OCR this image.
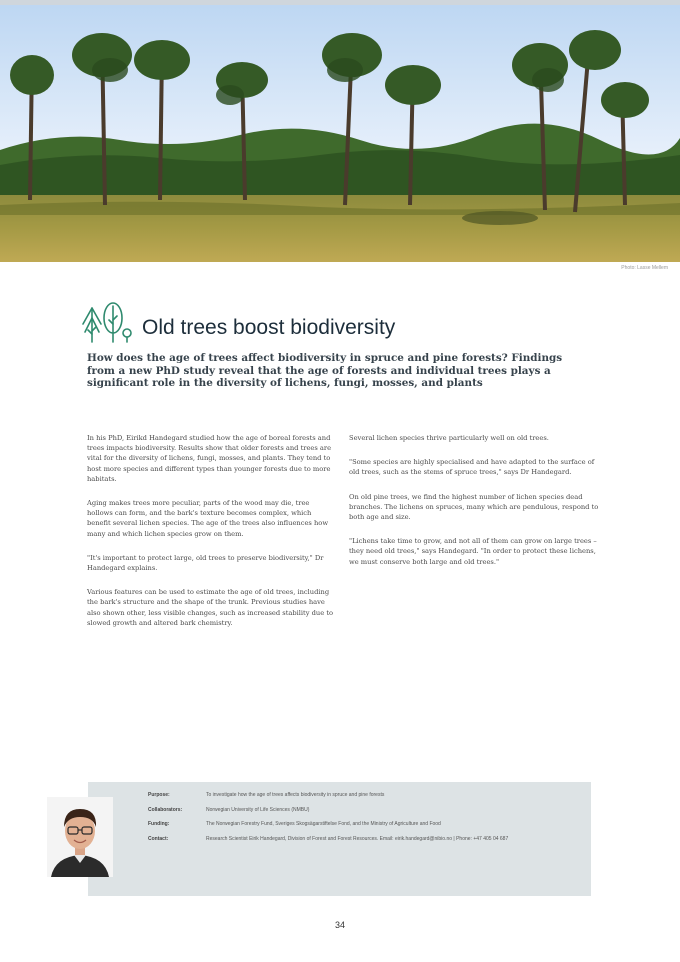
Photo: Lasse Mellem
Old trees boost biodiversity

How does the age of trees affect biodiversity in spruce and pine forests? Findings from a new PhD study reveal that the age of forests and individual trees plays a significant role in the diversity of lichens, fungi, mosses, and plants

In his PhD, Eirikd Handegard studied how the age of boreal forests and trees impacts biodiversity. Results show that older forests and trees are vital for the diversity of lichens, fungi, mosses, and plants. They tend to host more species and different types than younger forests due to more habitats.

Aging makes trees more peculiar, parts of the wood may die, tree hollows can form, and the bark's texture becomes complex, which benefit several lichen species. The age of the trees also influences how many and which lichen species grow on them.

"It's important to protect large, old trees to preserve biodiversity," Dr Handegard explains.

Various features can be used to estimate the age of old trees, including the bark's structure and the shape of the trunk. Previous studies have also shown other, less visible changes, such as increased stability due to slowed growth and altered bark chemistry.

Several lichen species thrive particularly well on old trees.

"Some species are highly specialised and have adapted to the surface of old trees, such as the stems of spruce trees," says Dr Handegard.

On old pine trees, we find the highest number of lichen species dead branches. The lichens on spruces, many which are pendulous, respond to both age and size.

"Lichens take time to grow, and not all of them can grow on large trees – they need old trees," says Handegard. "In order to protect these lichens, we must conserve both large and old trees."

Purpose:	To investigate how the age of trees affects biodiversity in spruce and pine forests
Collaborators:	Norwegian University of Life Sciences (NMBU)
Funding:	The Norwegian Forestry Fund, Sveriges Skogsägarstiftelse Fond, and the Ministry of Agriculture and Food
Contact:	Research Scientist Eirik Handegard, Division of Forest and Forest Resources. Email: eirik.handegard@nibio.no | Phone: +47 405 04 687
34
